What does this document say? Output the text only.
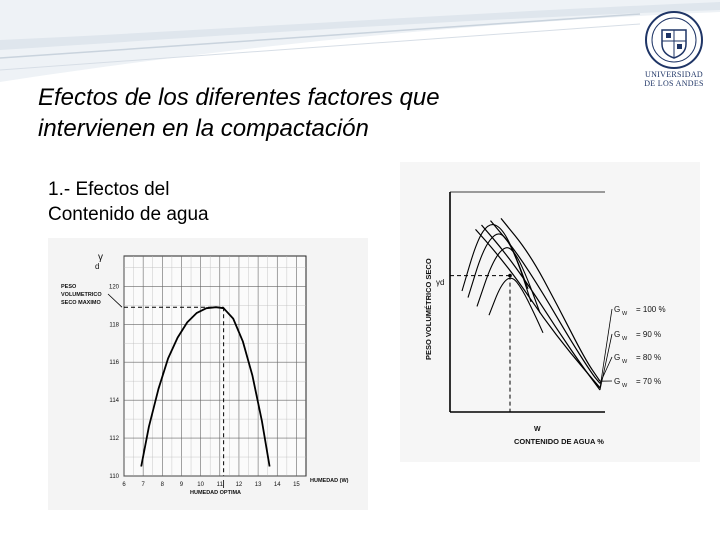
UNIVERSIDAD
DE LOS ANDES
Efectos de los diferentes factores que
intervienen en la compactación
1.- Efectos del
Contenido de agua
6	7	8	9 10 11 12 13 14 15
110
112
114
116
118
120
γ
d
PESO
VOLUMETRICO
SECO MAXIMO
HUMEDAD (W)
HUMEDAD OPTIMA
G W = 100 %
G W = 90 %
G W = 80 %
G W = 70 %
PESO VOLUMÉTRICO SECO γd
W
CONTENIDO DE AGUA %
